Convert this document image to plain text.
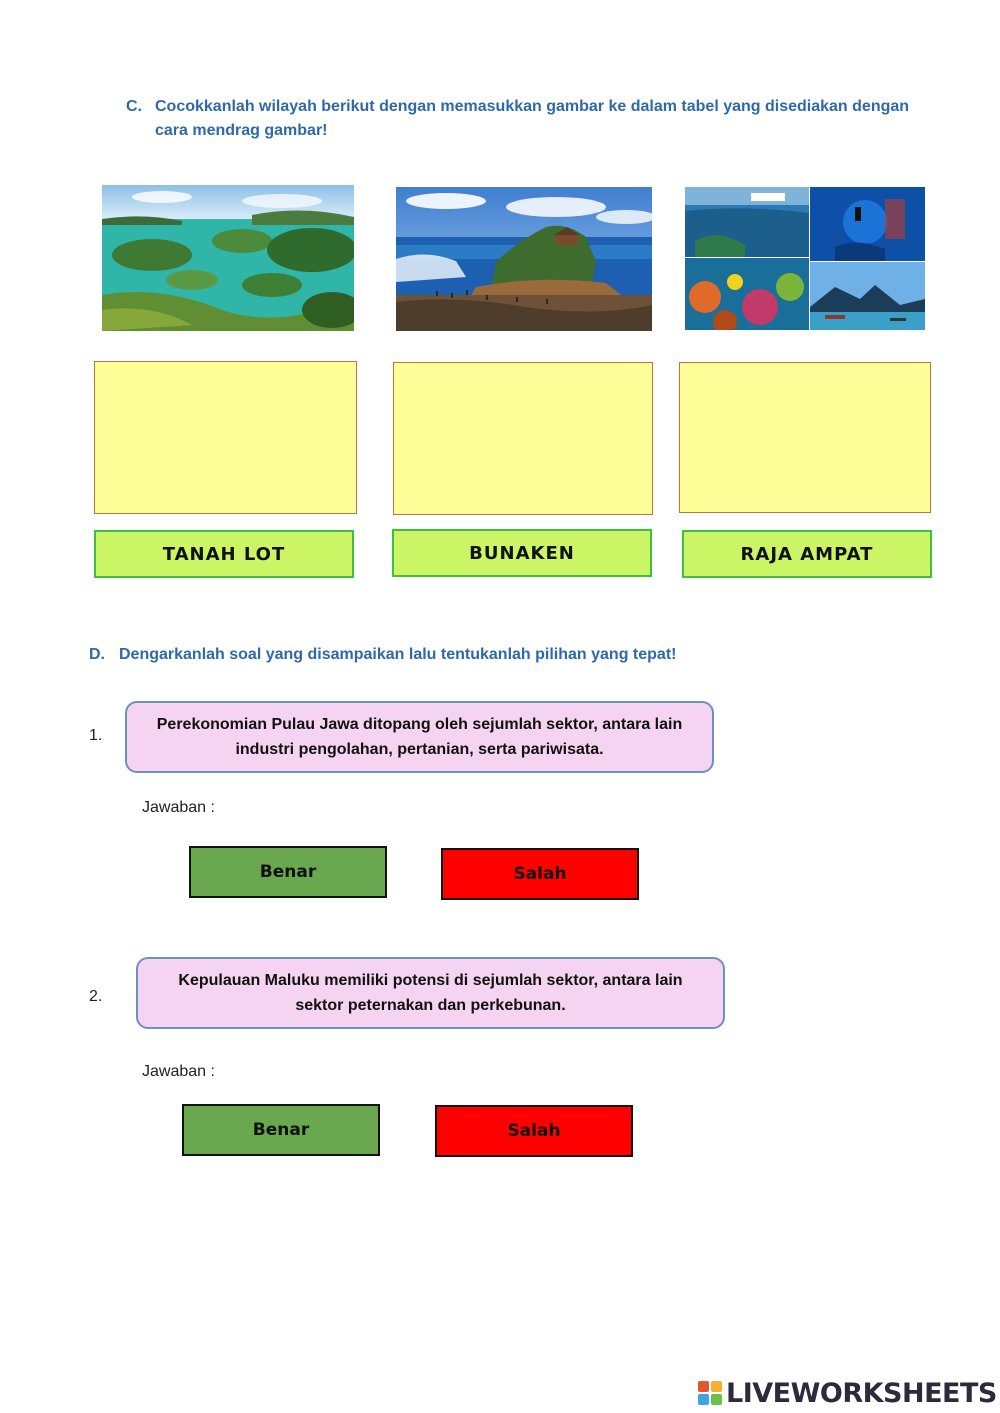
C. Cocokkanlah wilayah berikut dengan memasukkan gambar ke dalam tabel yang disediakan dengan
cara mendrag gambar!
TANAH LOT	BUNAKEN	RAJA AMPAT
D. Dengarkanlah soal yang disampaikan lalu tentukanlah pilihan yang tepat!
1.
Perekonomian Pulau Jawa ditopang oleh sejumlah sektor, antara lain
industri pengolahan, pertanian, serta pariwisata.
Jawaban :
Benar	Salah
2.
Kepulauan Maluku memiliki potensi di sejumlah sektor, antara lain
sektor peternakan dan perkebunan.
Jawaban :
Benar	Salah
LIVEWORKSHEETS
